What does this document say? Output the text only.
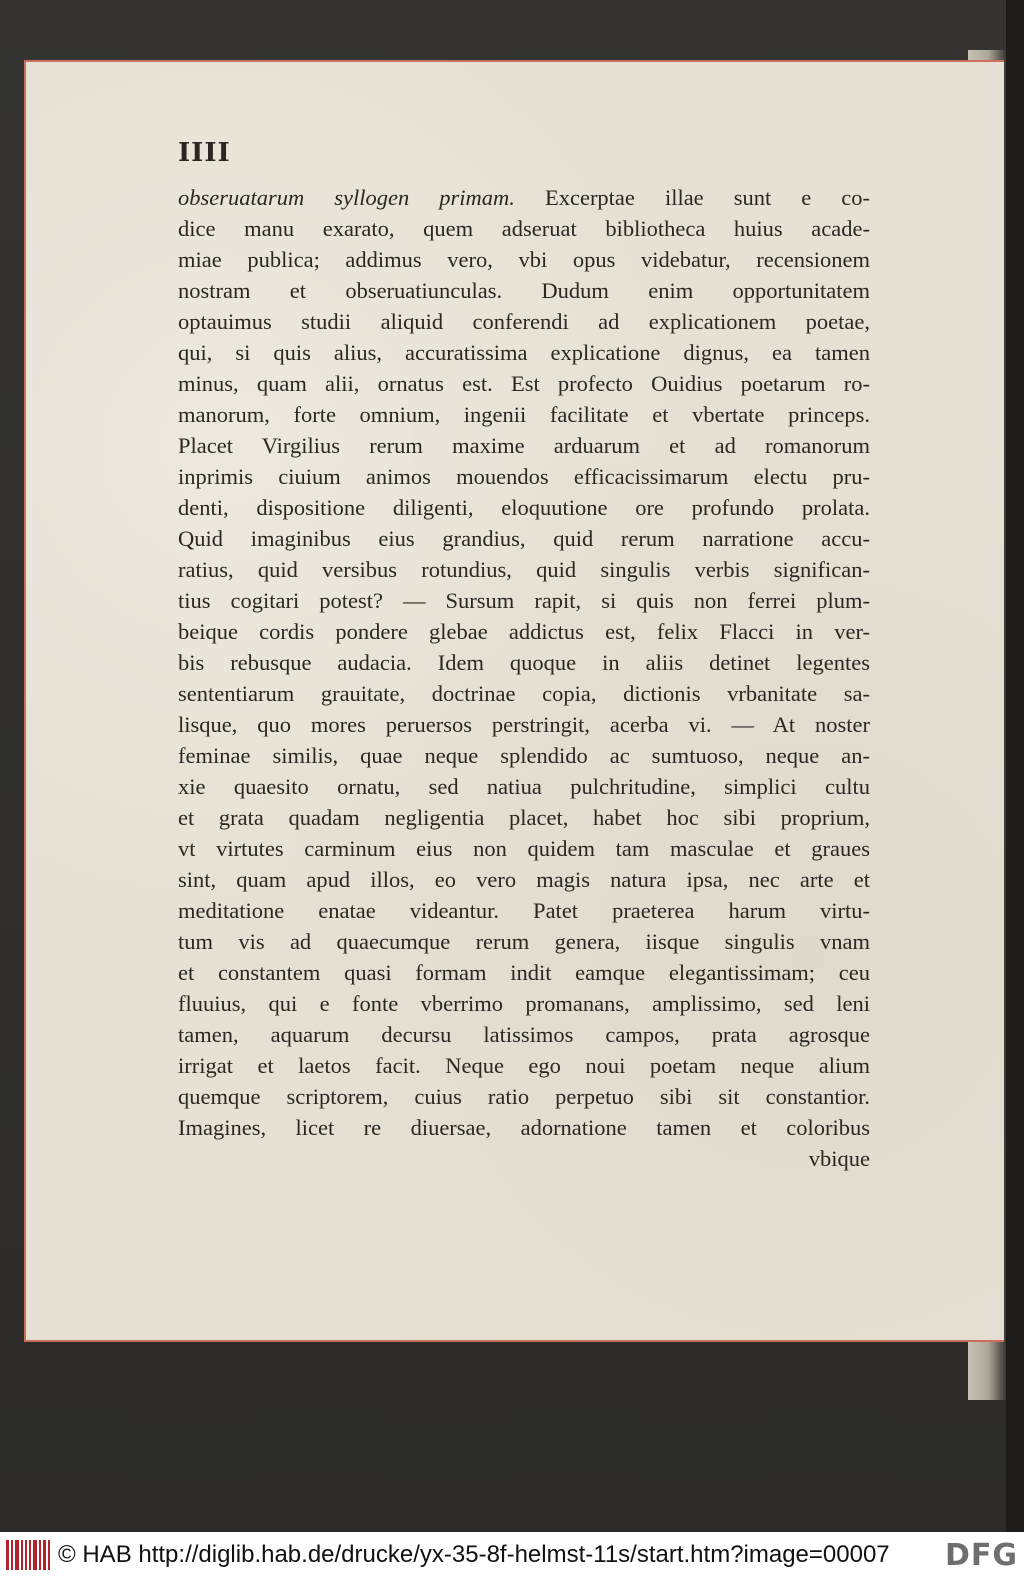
IIII
obseruatarum syllogen primam. Excerptae illae sunt e co-
dice manu exarato, quem adseruat bibliotheca huius acade-
miae publica; addimus vero, vbi opus videbatur, recensionem
nostram et obseruatiunculas. Dudum enim opportunitatem
optauimus studii aliquid conferendi ad explicationem poetae,
qui, si quis alius, accuratissima explicatione dignus, ea tamen
minus, quam alii, ornatus est. Est profecto Ouidius poetarum ro-
manorum, forte omnium, ingenii facilitate et vbertate princeps.
Placet Virgilius rerum maxime arduarum et ad romanorum
inprimis ciuium animos mouendos efficacissimarum electu pru-
denti, dispositione diligenti, eloquutione ore profundo prolata.
Quid imaginibus eius grandius, quid rerum narratione accu-
ratius, quid versibus rotundius, quid singulis verbis significan-
tius cogitari potest? — Sursum rapit, si quis non ferrei plum-
beique cordis pondere glebae addictus est, felix Flacci in ver-
bis rebusque audacia. Idem quoque in aliis detinet legentes
sententiarum grauitate, doctrinae copia, dictionis vrbanitate sa-
lisque, quo mores peruersos perstringit, acerba vi. — At noster
feminae similis, quae neque splendido ac sumtuoso, neque an-
xie quaesito ornatu, sed natiua pulchritudine, simplici cultu
et grata quadam negligentia placet, habet hoc sibi proprium,
vt virtutes carminum eius non quidem tam masculae et graues
sint, quam apud illos, eo vero magis natura ipsa, nec arte et
meditatione enatae videantur. Patet praeterea harum virtu-
tum vis ad quaecumque rerum genera, iisque singulis vnam
et constantem quasi formam indit eamque elegantissimam; ceu
fluuius, qui e fonte vberrimo promanans, amplissimo, sed leni
tamen, aquarum decursu latissimos campos, prata agrosque
irrigat et laetos facit. Neque ego noui poetam neque alium
quemque scriptorem, cuius ratio perpetuo sibi sit constantior.
Imagines, licet re diuersae, adornatione tamen et coloribus
vbique
© HAB http://diglib.hab.de/drucke/yx-35-8f-helmst-11s/start.htm?image=00007	DFG
